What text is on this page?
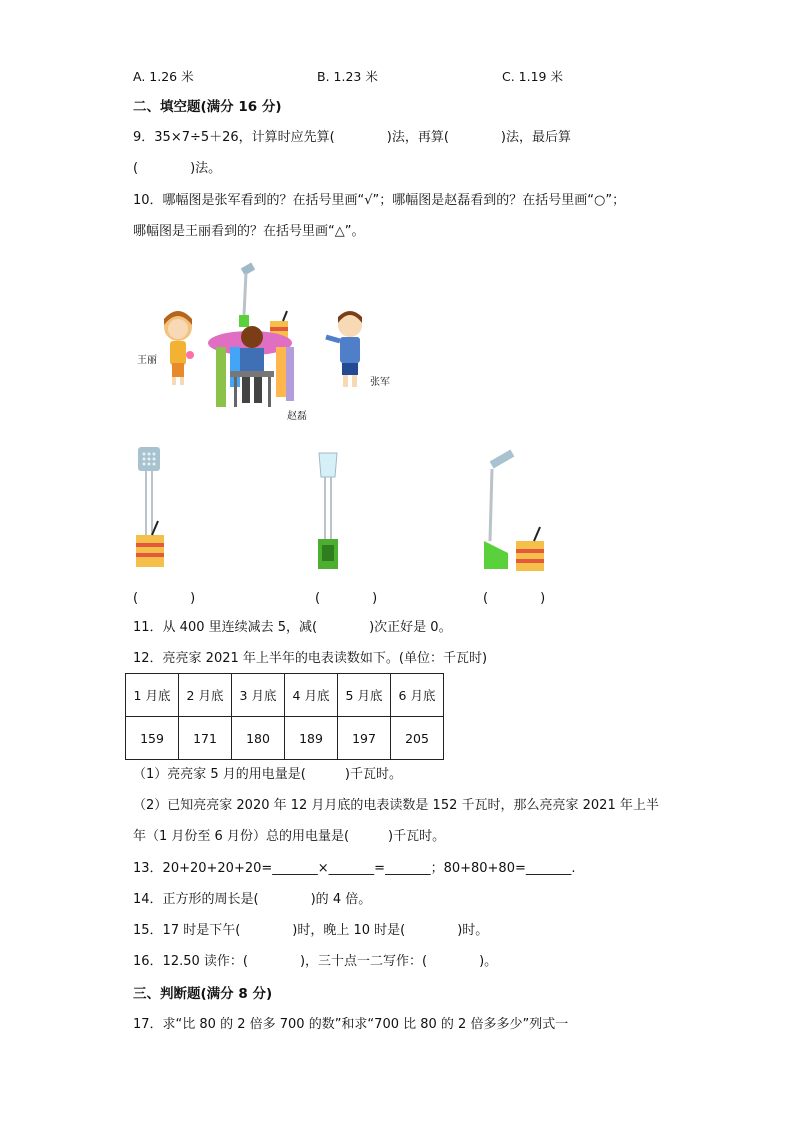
A. 1.26 米	B. 1.23 米	C. 1.19 米
二、填空题(满分 16 分)
9．35×7÷5＋26，计算时应先算(　　　　)法，再算(　　　　)法，最后算
(　　　　)法。
10．哪幅图是张军看到的？在括号里画“√”；哪幅图是赵磊看到的？在括号里画“○”；
哪幅图是王丽看到的？在括号里画“△”。
王丽
赵磊
张军
(　　　　)	(　　　　)	(　　　　)
11．从 400 里连续减去 5，减(　　　　)次正好是 0。
12．亮亮家 2021 年上半年的电表读数如下。(单位：千瓦时)
1 月底	2 月底	3 月底	4 月底	5 月底	6 月底
159	171	180	189	197	205
（1）亮亮家 5 月的用电量是(　　　)千瓦时。
（2）已知亮亮家 2020 年 12 月月底的电表读数是 152 千瓦时，那么亮亮家 2021 年上半
年（1 月份至 6 月份）总的用电量是(　　　)千瓦时。
13．20+20+20+20=_______×_______=_______；80+80+80=_______.
14．正方形的周长是(　　　　)的 4 倍。
15．17 时是下午(　　　　)时，晚上 10 时是(　　　　)时。
16．12.50 读作：(　　　　)，三十点一二写作：(　　　　)。
三、判断题(满分 8 分)
17．求“比 80 的 2 倍多 700 的数”和求“700 比 80 的 2 倍多多少”列式一
